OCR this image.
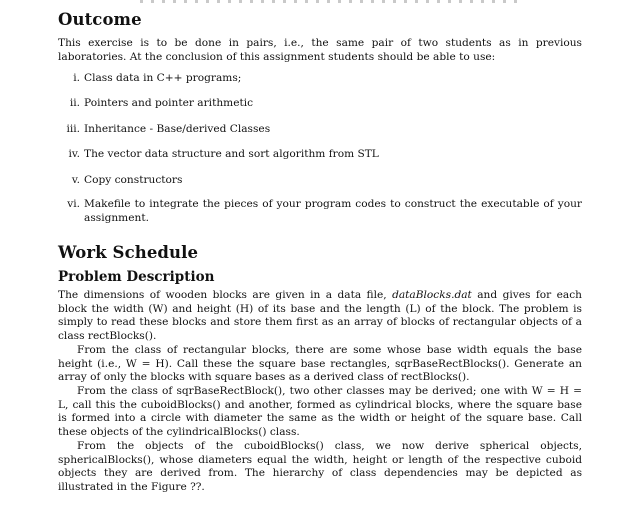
Outcome

This exercise is to be done in pairs, i.e., the same pair of two students as in previous laboratories. At the conclusion of this assignment students should be able to use:

i. Class data in C++ programs;
ii. Pointers and pointer arithmetic
iii. Inheritance - Base/derived Classes
iv. The vector data structure and sort algorithm from STL
v. Copy constructors
vi. Makefile to integrate the pieces of your program codes to construct the executable of your assignment.
Work Schedule
Problem Description

The dimensions of wooden blocks are given in a data file, dataBlocks.dat and gives for each block the width (W) and height (H) of its base and the length (L) of the block. The problem is simply to read these blocks and store them first as an array of blocks of rectangular objects of a class rectBlocks().

From the class of rectangular blocks, there are some whose base width equals the base height (i.e., W = H). Call these the square base rectangles, sqrBaseRectBlocks(). Generate an array of only the blocks with square bases as a derived class of rectBlocks().

From the class of sqrBaseRectBlock(), two other classes may be derived; one with W = H = L, call this the cuboidBlocks() and another, formed as cylindrical blocks, where the square base is formed into a circle with diameter the same as the width or height of the square base. Call these objects of the cylindricalBlocks() class.

From the objects of the cuboidBlocks() class, we now derive spherical objects, sphericalBlocks(), whose diameters equal the width, height or length of the respective cuboid objects they are derived from. The hierarchy of class dependencies may be depicted as illustrated in the Figure ??.
